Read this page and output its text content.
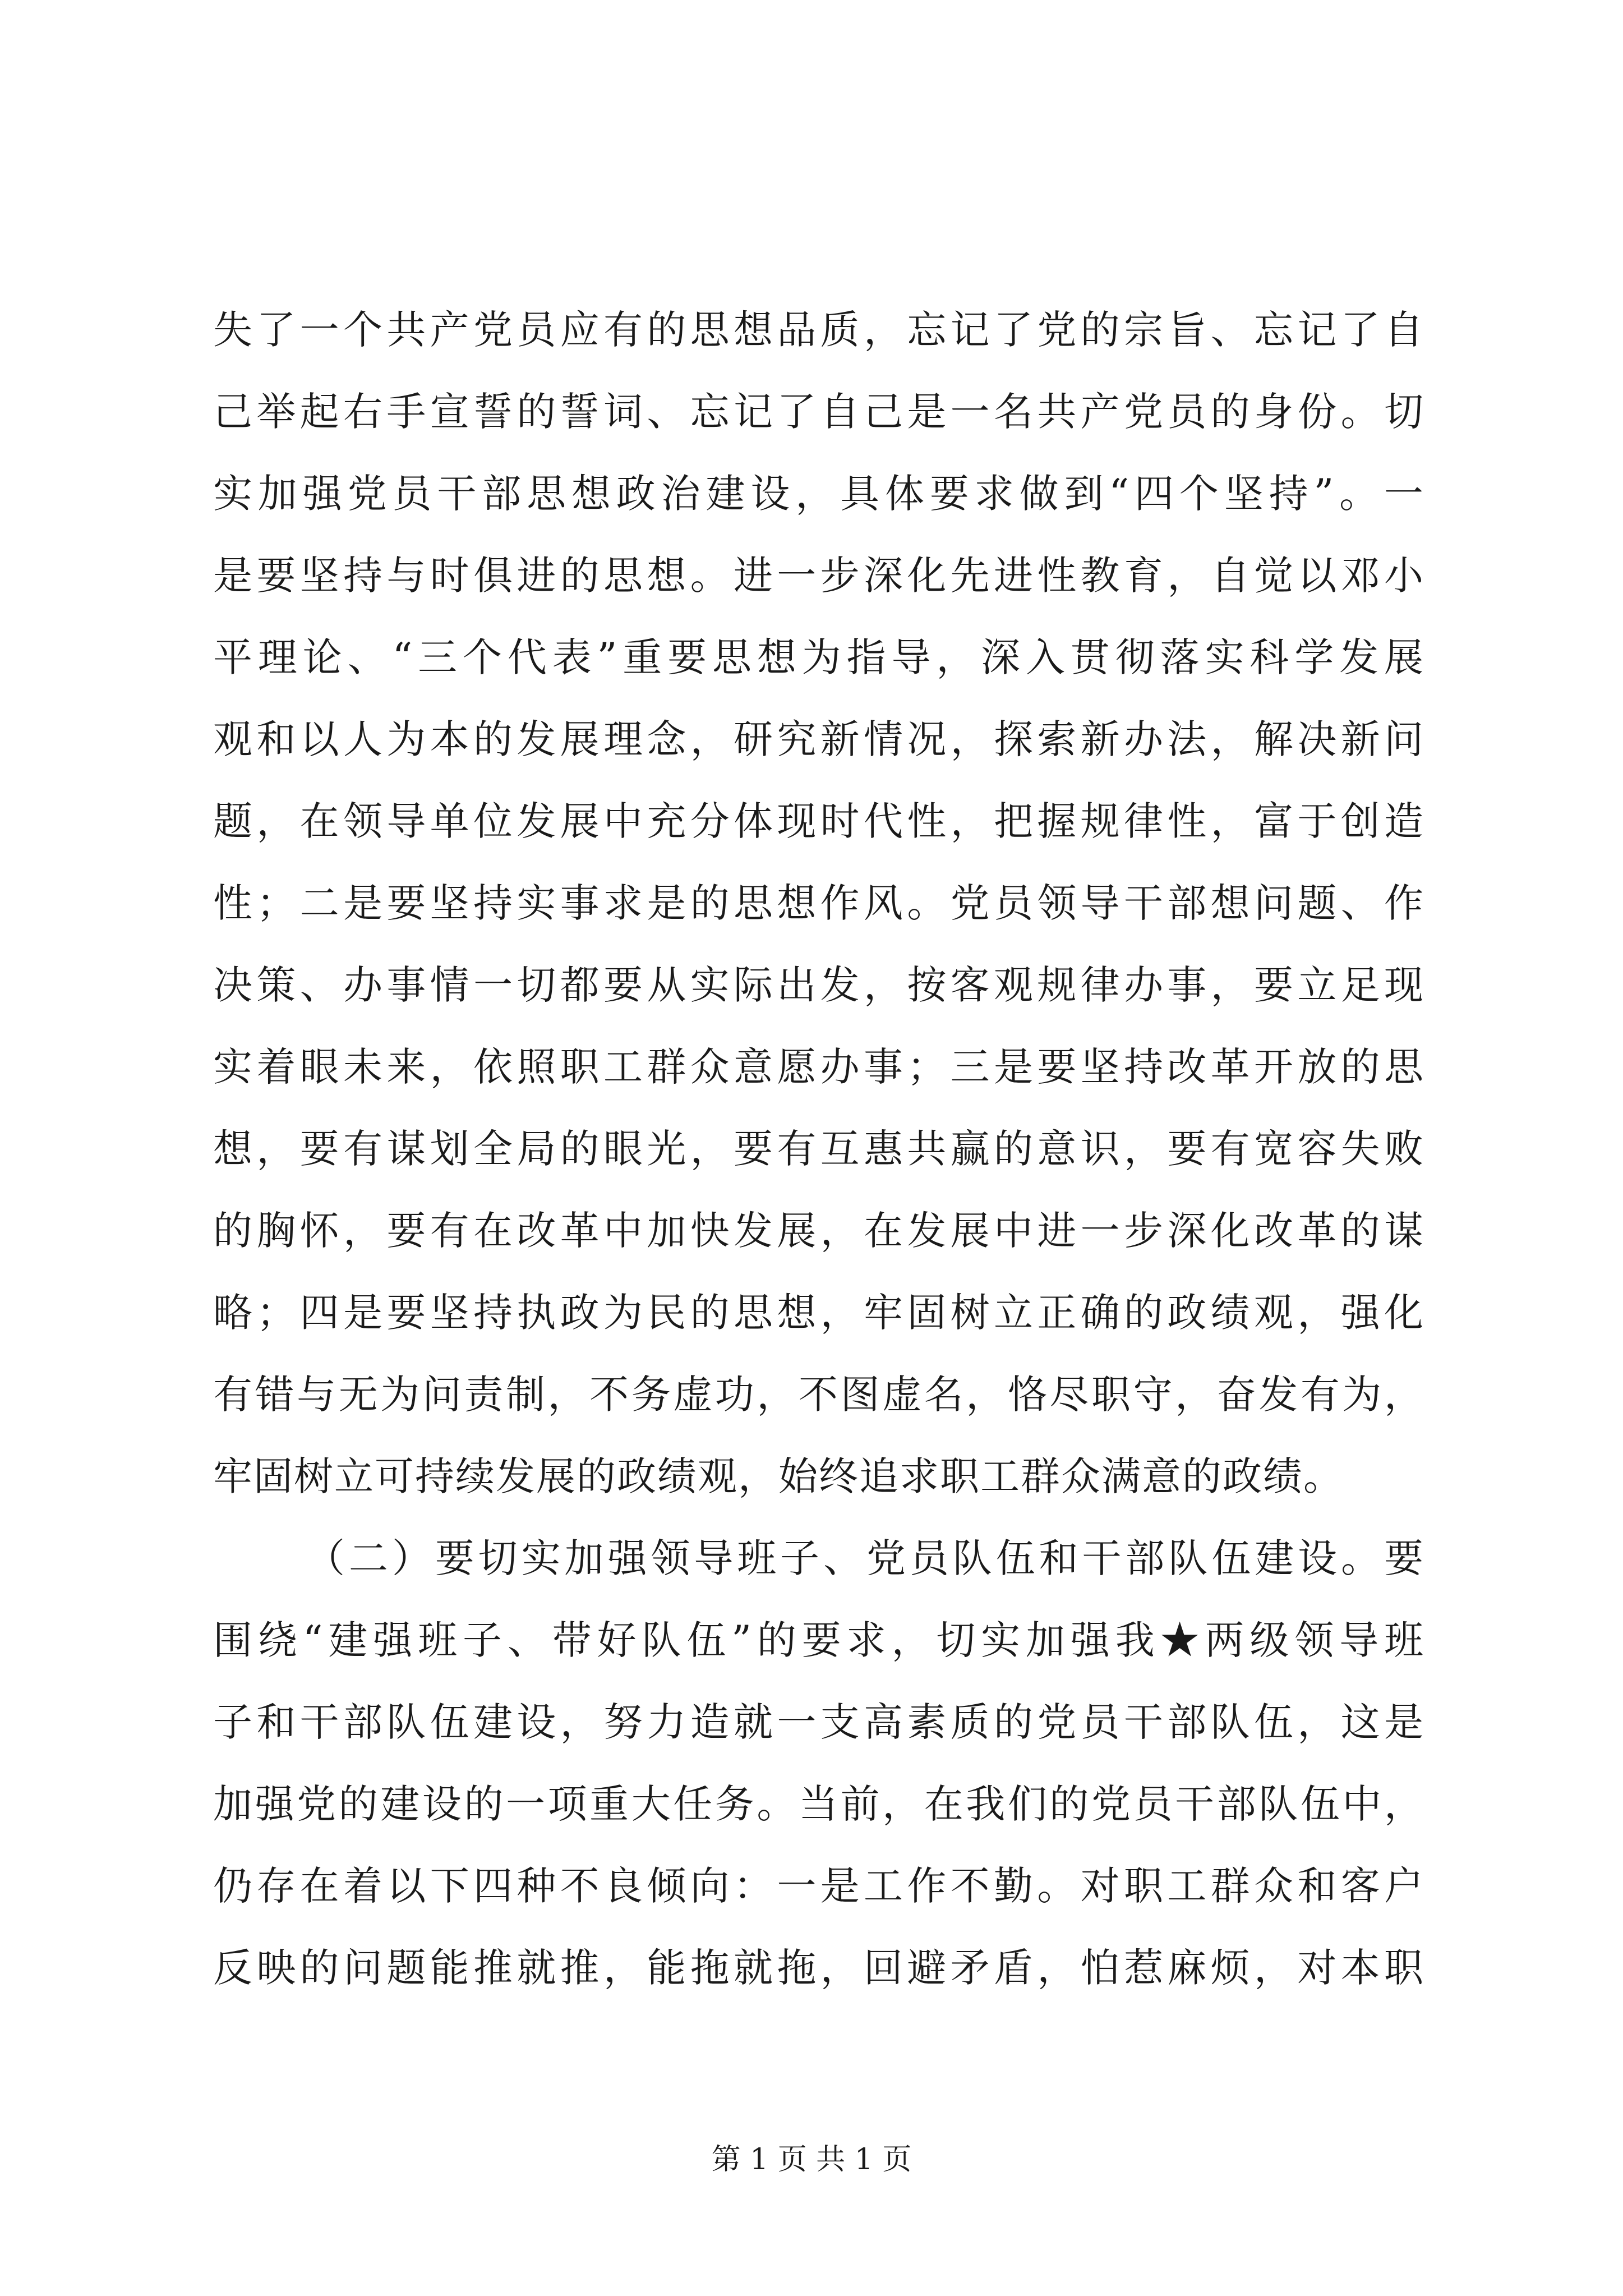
失了一个共产党员应有的思想品质，忘记了党的宗旨、忘记了自
己举起右手宣誓的誓词、忘记了自己是一名共产党员的身份。切
实加强党员干部思想政治建设，具体要求做到“四个坚持”。一
是要坚持与时俱进的思想。进一步深化先进性教育，自觉以邓小
平理论、“三个代表”重要思想为指导，深入贯彻落实科学发展
观和以人为本的发展理念，研究新情况，探索新办法，解决新问
题，在领导单位发展中充分体现时代性，把握规律性，富于创造
性；二是要坚持实事求是的思想作风。党员领导干部想问题、作
决策、办事情一切都要从实际出发，按客观规律办事，要立足现
实着眼未来，依照职工群众意愿办事；三是要坚持改革开放的思
想，要有谋划全局的眼光，要有互惠共赢的意识，要有宽容失败
的胸怀，要有在改革中加快发展，在发展中进一步深化改革的谋
略；四是要坚持执政为民的思想，牢固树立正确的政绩观，强化
有错与无为问责制，不务虚功，不图虚名，恪尽职守，奋发有为，
牢固树立可持续发展的政绩观，始终追求职工群众满意的政绩。
（二）要切实加强领导班子、党员队伍和干部队伍建设。要
围绕“建强班子、带好队伍”的要求，切实加强我★两级领导班
子和干部队伍建设，努力造就一支高素质的党员干部队伍，这是
加强党的建设的一项重大任务。当前，在我们的党员干部队伍中，
仍存在着以下四种不良倾向：一是工作不勤。对职工群众和客户
反映的问题能推就推，能拖就拖，回避矛盾，怕惹麻烦，对本职
第 1 页 共 1 页
